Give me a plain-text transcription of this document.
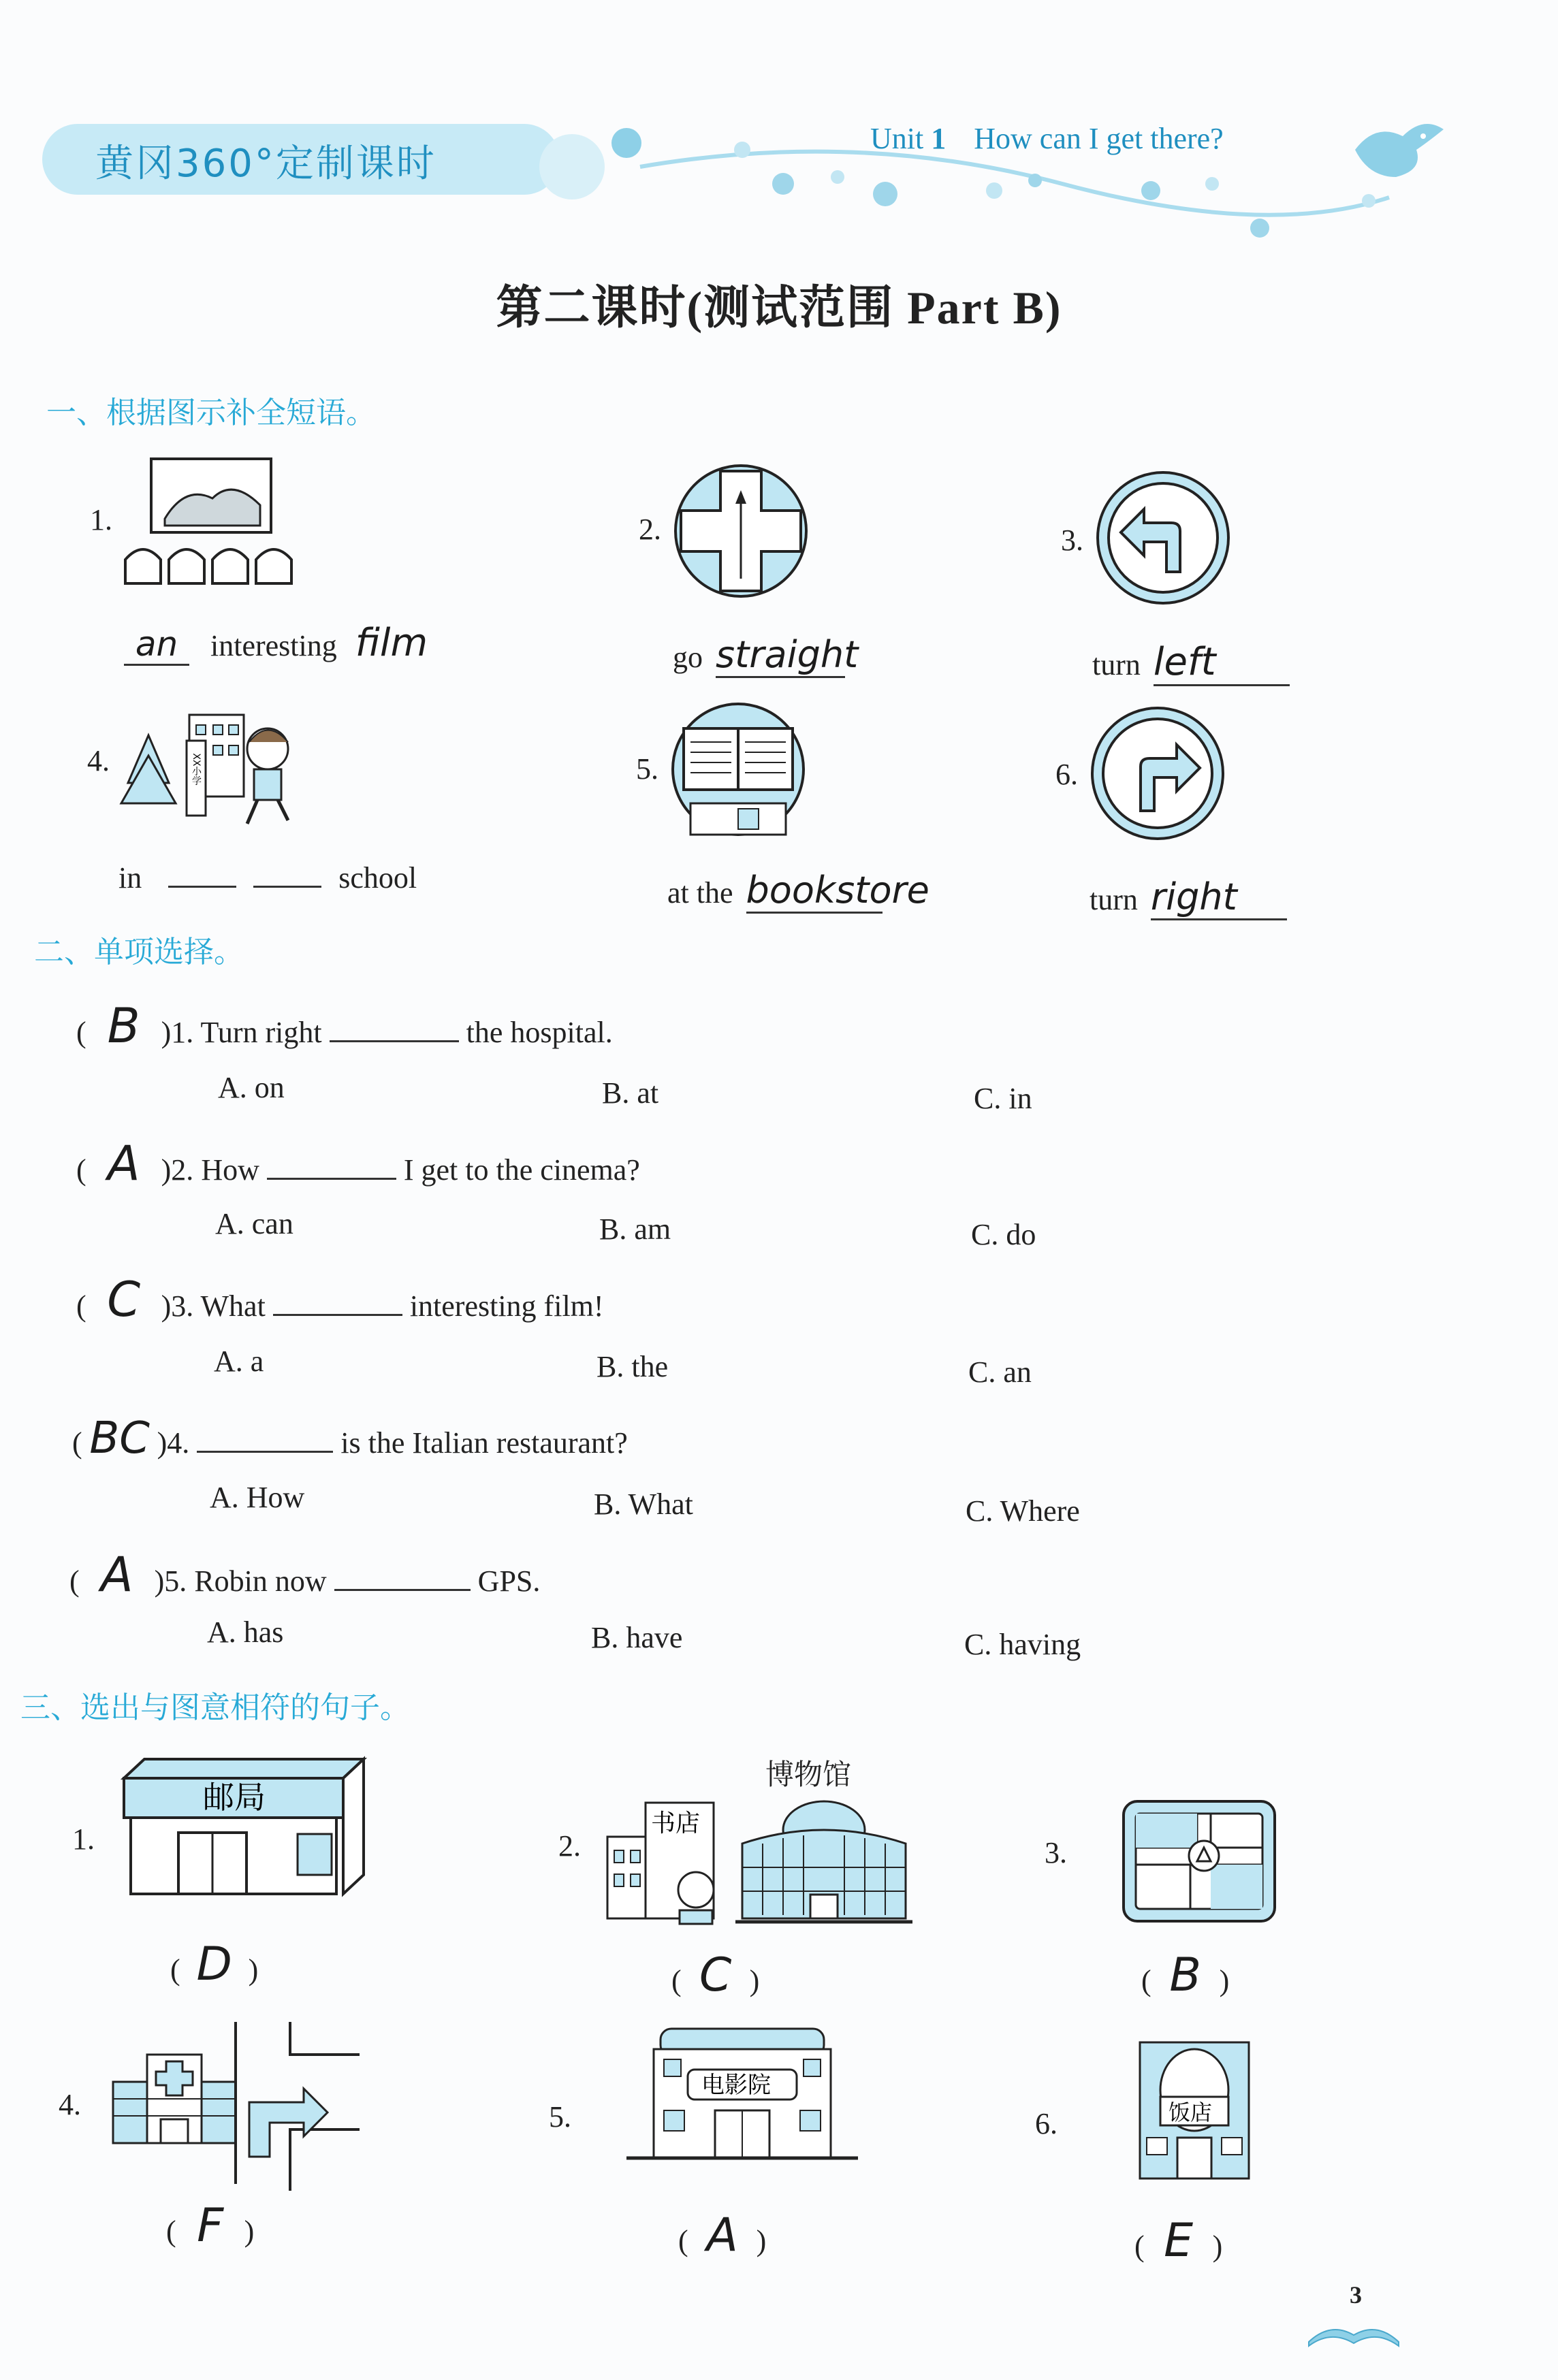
黄冈360°定制课时
Unit 1 How can I get there?
第二课时(测试范围 Part B)
一、根据图示补全短语。
1.
an interesting film
2.
go straight
3.
turn left
4.	XX小学
in	school
5.
at the bookstore
6.
turn right
二、单项选择。
( B )1. Turn right	the hospital.
A. on	B. at	C. in
( A )2. How	I get to the cinema?
A. can	B. am	C. do
( C )3. What	interesting film!
A. a	B. the	C. an
( BC )4.	is the Italian restaurant?
A. How	B. What	C. Where
( A )5. Robin now	GPS.
A. has	B. have	C. having
三、选出与图意相符的句子。
1.
邮局
( D )
2.
博物馆
书店
( C )
3.
( B )
4.
( F )
5.
电影院
( A )
6.	饭店
( E )
3
